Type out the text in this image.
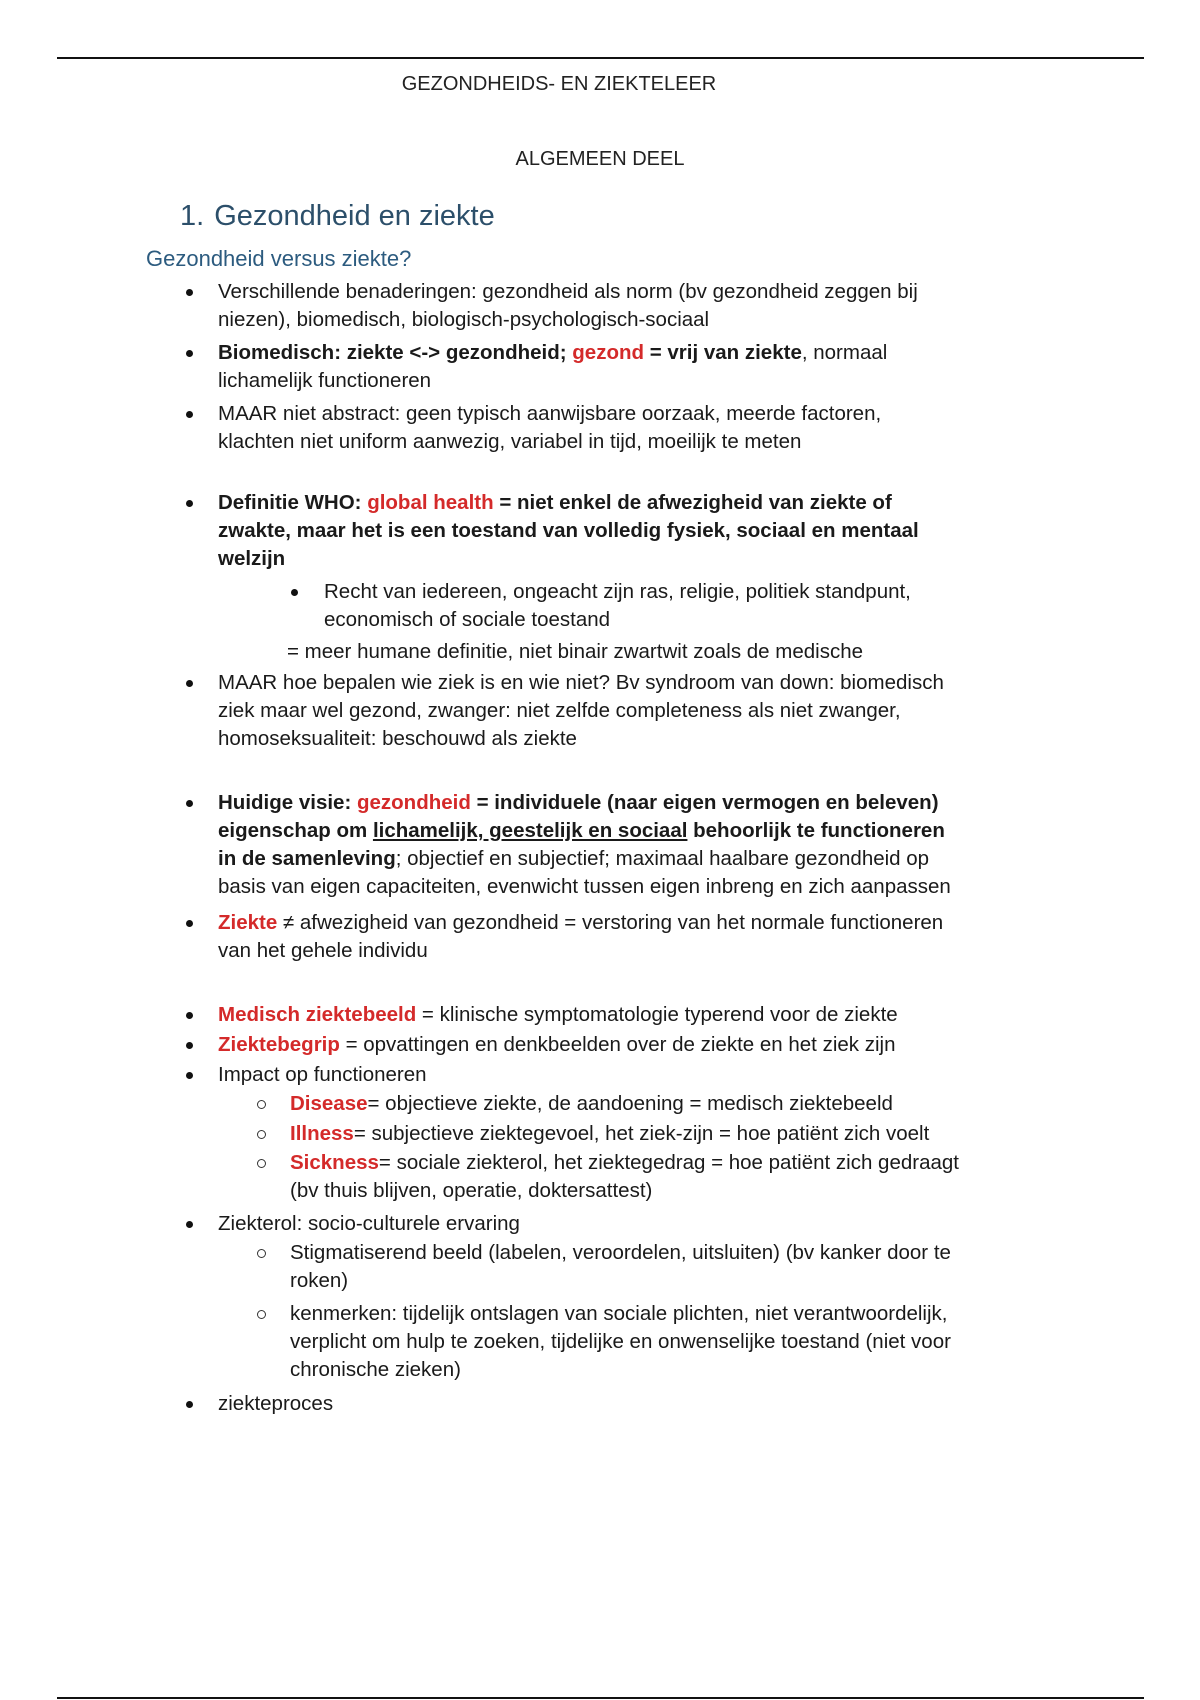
GEZONDHEIDS- EN ZIEKTELEER
ALGEMEEN DEEL
1. Gezondheid en ziekte
Gezondheid versus ziekte?
Verschillende benaderingen: gezondheid als norm (bv gezondheid zeggen bij
niezen), biomedisch, biologisch-psychologisch-sociaal
Biomedisch: ziekte <-> gezondheid; gezond = vrij van ziekte, normaal
lichamelijk functioneren
MAAR niet abstract: geen typisch aanwijsbare oorzaak, meerde factoren,
klachten niet uniform aanwezig, variabel in tijd, moeilijk te meten
Definitie WHO: global health = niet enkel de afwezigheid van ziekte of
zwakte, maar het is een toestand van volledig fysiek, sociaal en mentaal
welzijn
Recht van iedereen, ongeacht zijn ras, religie, politiek standpunt,
economisch of sociale toestand
= meer humane definitie, niet binair zwartwit zoals de medische
MAAR hoe bepalen wie ziek is en wie niet? Bv syndroom van down: biomedisch
ziek maar wel gezond, zwanger: niet zelfde completeness als niet zwanger,
homoseksualiteit: beschouwd als ziekte
Huidige visie: gezondheid = individuele (naar eigen vermogen en beleven)
eigenschap om lichamelijk, geestelijk en sociaal behoorlijk te functioneren
in de samenleving; objectief en subjectief; maximaal haalbare gezondheid op
basis van eigen capaciteiten, evenwicht tussen eigen inbreng en zich aanpassen
Ziekte ≠ afwezigheid van gezondheid = verstoring van het normale functioneren
van het gehele individu
Medisch ziektebeeld = klinische symptomatologie typerend voor de ziekte
Ziektebegrip = opvattingen en denkbeelden over de ziekte en het ziek zijn
Impact op functioneren
Disease= objectieve ziekte, de aandoening = medisch ziektebeeld
Illness= subjectieve ziektegevoel, het ziek-zijn = hoe patiënt zich voelt
Sickness= sociale ziekterol, het ziektegedrag = hoe patiënt zich gedraagt
(bv thuis blijven, operatie, doktersattest)
Ziekterol: socio-culturele ervaring
Stigmatiserend beeld (labelen, veroordelen, uitsluiten) (bv kanker door te
roken)
kenmerken: tijdelijk ontslagen van sociale plichten, niet verantwoordelijk,
verplicht om hulp te zoeken, tijdelijke en onwenselijke toestand (niet voor
chronische zieken)
ziekteproces
